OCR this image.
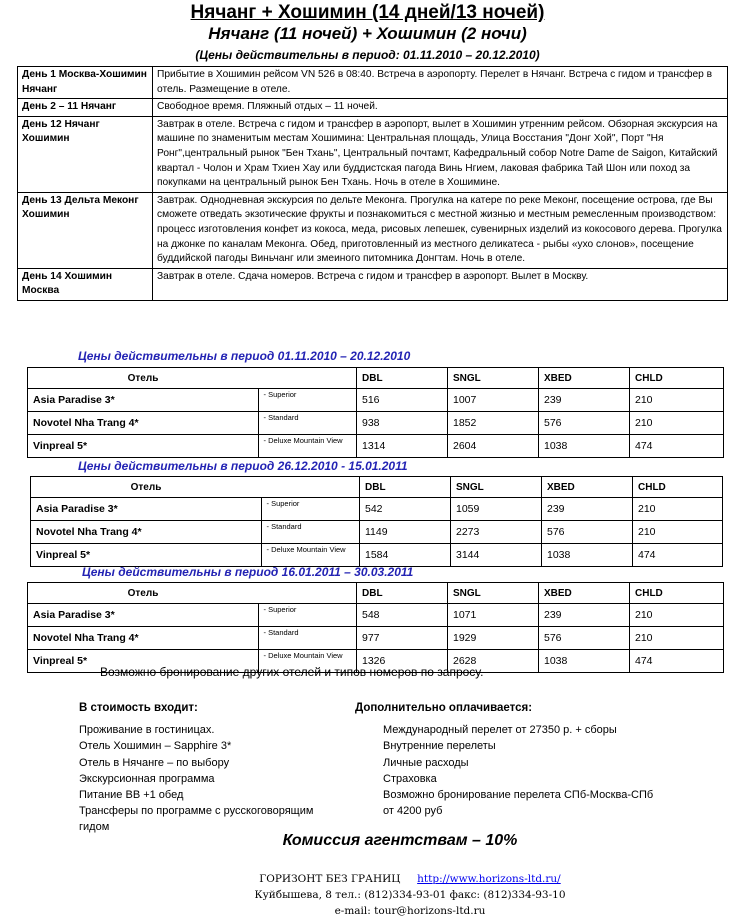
Нячанг + Хошимин (14 дней/13 ночей)
Нячанг (11 ночей) + Хошимин (2 ночи)
(Цены действительны в период: 01.11.2010 – 20.12.2010)
День 1 Москва-Хошимин Нячанг	Прибытие в Хошимин рейсом VN 526 в 08:40. Встреча в аэропорту. Перелет в Нячанг. Встреча с гидом и трансфер в отель. Размещение в отеле.
День 2 – 11 Нячанг	Свободное время. Пляжный отдых – 11 ночей.
День 12 Нячанг Хошимин	Завтрак в отеле. Встреча с гидом и трансфер в аэропорт, вылет в Хошимин утренним рейсом. Обзорная экскурсия на машине по знаменитым местам Хошимина: Центральная площадь, Улица Восстания "Донг Хой", Порт "Ня Ронг",центральный рынок "Бен Тхань", Центральный почтамт, Кафедральный собор Notre Dame de Saigon, Китайский квартал - Чолон и Храм Тхиен Хау или буддистская пагода Винь Нгием, лаковая фабрика Тай Шон или поход за покупками на центральный рынок Бен Тхань. Ночь в отеле в Хошимине.
День 13 Дельта Меконг Хошимин	Завтрак. Однодневная экскурсия по дельте Меконга. Прогулка на катере по реке Меконг, посещение острова, где Вы сможете отведать экзотические фрукты и познакомиться с местной жизнью и местным ремесленным производством: процесс изготовления конфет из кокоса, меда, рисовых лепешек, сувенирных изделий из кокосового дерева. Прогулка на джонке по каналам Меконга. Обед, приготовленный из местного деликатеса - рыбы «ухо слонов», посещение буддийской пагоды Виньчанг или змеиного питомника Донгтам. Ночь в отеле.
День 14 Хошимин Москва	Завтрак в отеле. Сдача номеров. Встреча с гидом и трансфер в аэропорт. Вылет в Москву.
Цены действительны в период 01.11.2010 – 20.12.2010
Отель		DBL	SNGL	XBED	CHLD
Asia Paradise 3*	- Superior	516	1007	239	210
Novotel Nha Trang 4*	- Standard	938	1852	576	210
Vinpreal 5*	- Deluxe Mountain View	1314	2604	1038	474
Цены действительны в период 26.12.2010 - 15.01.2011
Отель		DBL	SNGL	XBED	CHLD
Asia Paradise 3*	- Superior	542	1059	239	210
Novotel Nha Trang 4*	- Standard	1149	2273	576	210
Vinpreal 5*	- Deluxe Mountain View	1584	3144	1038	474
Цены действительны в период 16.01.2011 – 30.03.2011
Отель		DBL	SNGL	XBED	CHLD
Asia Paradise 3*	- Superior	548	1071	239	210
Novotel Nha Trang 4*	- Standard	977	1929	576	210
Vinpreal 5*	- Deluxe Mountain View	1326	2628	1038	474
Возможно бронирование других отелей и типов номеров по запросу.
В стоимость входит:
Проживание в гостиницах.
Отель Хошимин – Sapphire 3*
Отель в Нячанге – по выбору
Экскурсионная программа
Питание BB +1 обед
Трансферы по программе с русскоговорящим гидом
Дополнительно оплачивается:
Международный перелет от 27350 р. + сборы
Внутренние перелеты
Личные расходы
Страховка
Возможно бронирование перелета СПб-Москва-СПб от 4200 руб
Комиссия агентствам – 10%
ГОРИЗОНТ БЕЗ ГРАНИЦ http://www.horizons-ltd.ru/
Куйбышева, 8 тел.: (812)334-93-01 факс: (812)334-93-10
e-mail: tour@horizons-ltd.ru
